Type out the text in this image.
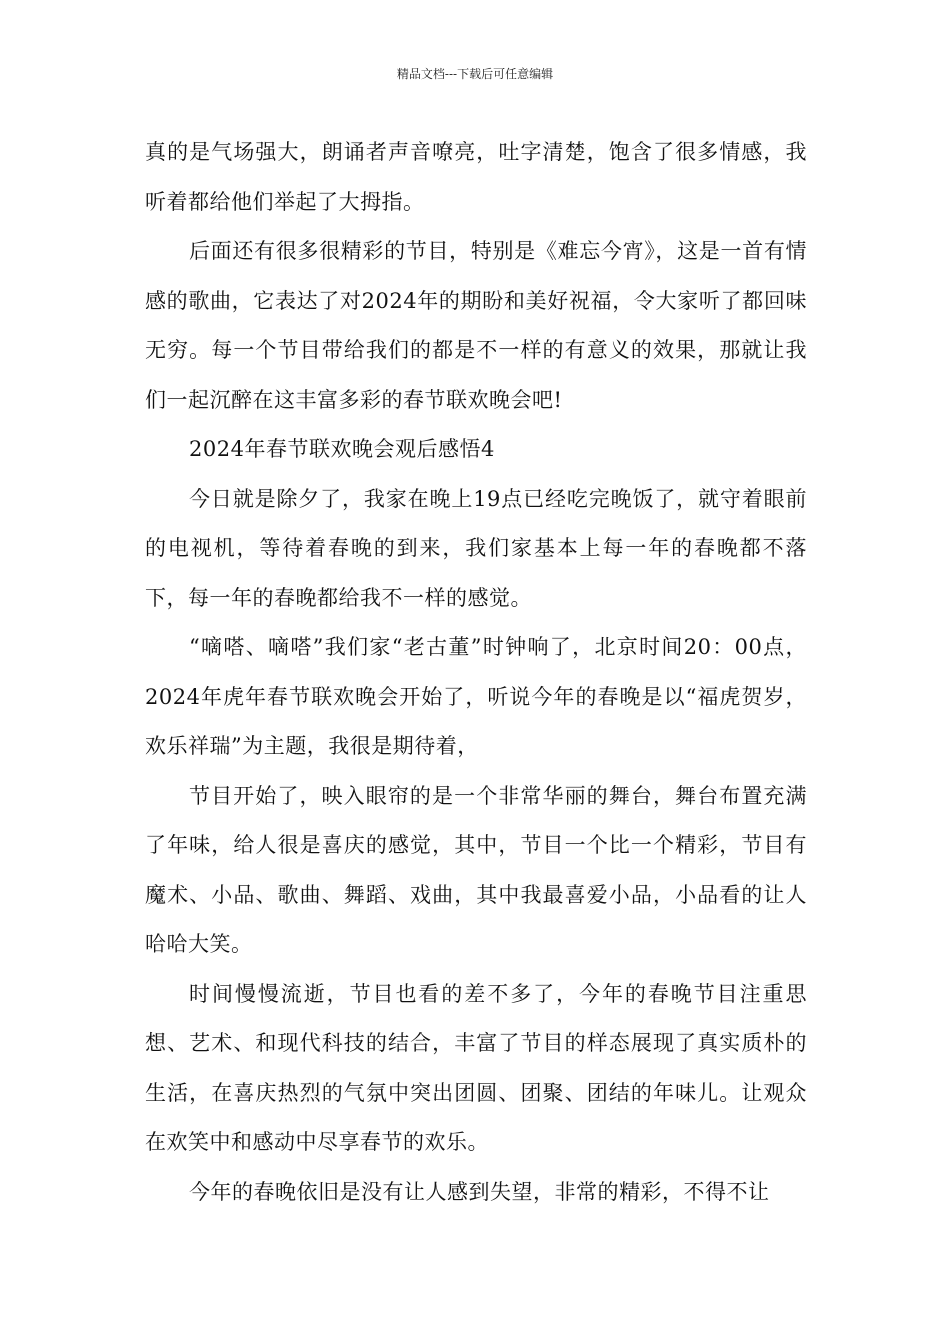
精品文档---下载后可任意编辑

真的是气场强大，朗诵者声音嘹亮，吐字清楚，饱含了很多情感，我听着都给他们举起了大拇指。

后面还有很多很精彩的节目，特别是《难忘今宵》，这是一首有情感的歌曲，它表达了对2024年的期盼和美好祝福，令大家听了都回味无穷。每一个节目带给我们的都是不一样的有意义的效果，那就让我们一起沉醉在这丰富多彩的春节联欢晚会吧!

2024年春节联欢晚会观后感悟4

今日就是除夕了，我家在晚上19点已经吃完晚饭了，就守着眼前的电视机，等待着春晚的到来，我们家基本上每一年的春晚都不落下，每一年的春晚都给我不一样的感觉。

“嘀嗒、嘀嗒”我们家“老古董”时钟响了，北京时间20：00点，2024年虎年春节联欢晚会开始了，听说今年的春晚是以“福虎贺岁，欢乐祥瑞”为主题，我很是期待着，

节目开始了，映入眼帘的是一个非常华丽的舞台，舞台布置充满了年味，给人很是喜庆的感觉，其中，节目一个比一个精彩，节目有魔术、小品、歌曲、舞蹈、戏曲，其中我最喜爱小品，小品看的让人哈哈大笑。

时间慢慢流逝，节目也看的差不多了，今年的春晚节目注重思想、艺术、和现代科技的结合，丰富了节目的样态展现了真实质朴的生活，在喜庆热烈的气氛中突出团圆、团聚、团结的年味儿。让观众在欢笑中和感动中尽享春节的欢乐。

今年的春晚依旧是没有让人感到失望，非常的精彩，不得不让
